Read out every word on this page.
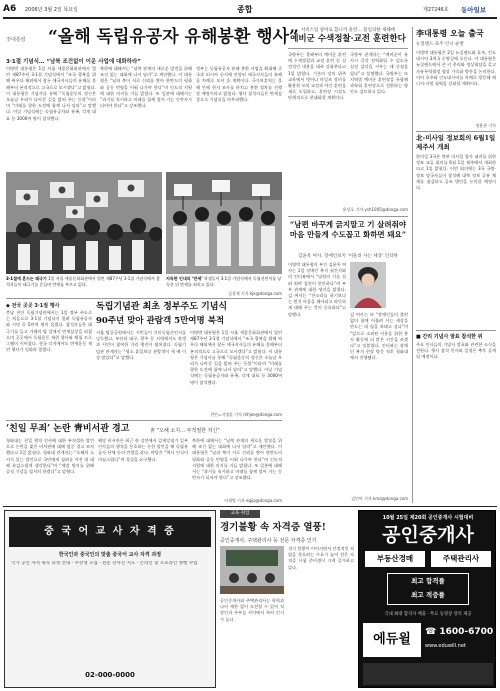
A6 2006년 3월 2일 목요일	종합	제27246호 동아일보
李대통령 “올해 독립유공자 유해봉환 행사”
3·1절 기념식… “남북 조건없이 이운 사업에 대화하라”
이명박 대통령은 1일 서울 세종문화회관에서 열린 제87주년 3·1절 기념식에서 “조국 광복을 위해 싸우다 해외에서 잠든 애국지사들의 유해를 올해부터 본격적으로 고국으로 모시겠다”고 밝혔다. 이 대통령은 기념사를 통해 “독립운동의 정신은 오늘날 우리가 나아갈 길을 밝혀 주는 등불”이라며 “미래를 향한 도전에 함께 나서 달라”고 말했다. 이날 기념식에는 독립유공자와 유족, 각계 대표 등 3000여 명이 참석했다.
북한에 대해서는 “남북 관계의 새로운 발전을 위해 조건 없는 대화에 나서 달라”고 제안했다. 이 대통령은 “남과 북이 서로 신뢰를 쌓아 한반도의 평화와 공동 번영을 이뤄 나가야 한다”며 인도적 지원에 대한 의지를 거듭 밝혔다. 또 일본에 대해서는 “과거를 직시하고 미래를 함께 열어 가는 동반자가 되어야 한다”고 강조했다.
정부는 독립유공자 유해 봉환 사업을 확대해 중국과 러시아 등지에 안장된 애국지사들의 유해를 차례로 모셔 올 계획이다. 국가보훈처는 올해 안에 현지 조사를 마치고 봉환 절차를 진행할 예정이라고 밝혔다. 행사 참석자들은 만세삼창으로 기념식을 마무리했다.
3·1절에 흔드는 태극기 1일 서울 세종문화회관에서 열린 제87주년 3·1절 기념식에서 참석자들이 태극기를 흔들며 만세를 부르고 있다.
지독한 인내의 ‘만세’ 학생들이 3·1절 기념식에서 독립선언서를 낭독한 뒤 만세를 외치고 있다.
김경제 기자 kjk@donga.com
◆ 전국 곳곳 3·1절 행사
충남 천안 독립기념관에서는 1일 정부 주도로는 처음으로 3·1절 기념식이 열려 독립유공자와 시민 등 5만여 명이 몰렸다. 참석자들은 태극기를 들고 겨레의 탑 앞에서 만세삼창을 외쳤으며 곳곳에서 독립운동 재현 행사와 체험 프로그램이 이어졌다. 전국 각지에서도 만세운동 재연 행사가 잇따라 열렸다.
독립기념관 최초 정부주도 기념식
90주년 맞아 관람객 5만여명 북적
서울 탑골공원에서는 시민들이 기미독립선언서를 낭독했고, 부산과 대구, 광주 등 지역에서도 학생과 시민이 참여한 거리 행진이 펼쳐졌다. 독립기념관 관계자는 “평소 휴일보다 관람객이 세 배 이상 많았다”고 말했다.
이명박 대통령은 1일 서울 세종문화회관에서 열린 제87주년 3·1절 기념식에서 “조국 광복을 위해 싸우다 해외에서 잠든 애국지사들의 유해를 올해부터 본격적으로 고국으로 모시겠다”고 밝혔다. 이 대통령은 기념사를 통해 “독립운동의 정신은 오늘날 우리가 나아갈 길을 밝혀 주는 등불”이라며 “미래를 향한 도전에 함께 나서 달라”고 말했다. 이날 기념식에는 독립유공자와 유족, 각계 대표 등 3000여 명이 참석했다.
천안=지명훈 기자 mhjee@donga.com
‘친일 무죄’ 논란 靑비서관 경고	靑 “오해 소지… 부적절한 처신”
청와대는 친일 행적 인사에 대한 부적절한 발언으로 논란을 빚은 비서관에 대해 엄중 경고 조치했다고 1일 밝혔다. 청와대 관계자는 “오해의 소지가 있는 발언으로 국민에게 심려를 끼친 데 대해 유감스럽게 생각한다”며 “재발 방지를 위해 공직 기강을 철저히 하겠다”고 말했다.
해당 비서관은 최근 한 강연에서 일제강점기 일부 인사들의 행적을 옹호하는 듯한 발언을 해 독립유공자 단체 등의 반발을 샀다. 야당은 “역사 인식이 의심스럽다”며 경질을 요구했다.
북한에 대해서는 “남북 관계의 새로운 발전을 위해 조건 없는 대화에 나서 달라”고 제안했다. 이 대통령은 “남과 북이 서로 신뢰를 쌓아 한반도의 평화와 공동 번영을 이뤄 나가야 한다”며 인도적 지원에 대한 의지를 거듭 밝혔다. 또 일본에 대해서는 “과거를 직시하고 미래를 함께 열어 가는 동반자가 되어야 한다”고 강조했다.
이재명 기자 egija@donga.com
서비스업 참여로 합니까 훈련… 불임의한 새해에
예비군 수색정찰·교전 훈련한다
국방부는 올해부터 예비군 훈련에 수색정찰과 교전 훈련 등 실전적인 내용을 대폭 강화한다고 1일 밝혔다. 기존의 강의 위주 교육에서 벗어나 마일즈 장비를 활용한 모의 교전과 야간 훈련을 새로 도입하고, 훈련장 시설도 단계적으로 현대화할 계획이다.
국방부 관계자는 “예비군이 유사시 즉각 전력화될 수 있도록 실전 감각을 키우는 데 중점을 뒀다”고 설명했다. 국방부는 또 지역별 예비군 훈련장을 통합해 과학화 훈련장으로 전환하는 방안도 검토하고 있다.
윤상호 기자 ysh1005@donga.com
“남편 바꾸게 긁지말고 기 살려줘야 마음 만들게 수도꼽고 화하면 돼요”
김윤옥 여사, 장애인보지 ‘어울려 사는 세상’ 인터뷰
이명박 대통령의 부인 김윤옥 여사는 1일 장애인 복지 월간지와의 인터뷰에서 “남편의 기를 살려 줘야 집안이 편안하다”며 부부 관계에 대한 생각을 밝혔다. 김 여사는 “잔소리를 하기보다는 먼저 마음을 헤아리고 따뜻하게 대해 주는 것이 중요하다”고 말했다.	김 여사는 또 “장애인들이 불편 없이 함께 어울려 사는 세상을 만드는 데 힘을 보태고 싶다”며 “앞으로 소외된 이웃을 위한 봉사 활동에 더 많은 시간을 쓰겠다”고 덧붙였다. 인터뷰는 장애인 복지 현장 방문 직후 청와대에서 진행됐다.
김민아 기자 kma@donga.com
李대통령 오늘 출국
뉴질랜드·호주·인니 순방
이명박 대통령은 2일 뉴질랜드와 호주, 인도네시아 3개국 순방길에 오른다. 이 대통령은 뉴질랜드에서 존 키 총리와 정상회담을 갖고 자유무역협정 협상 가속화 방안을 논의한다. 이어 호주와 인도네시아를 차례로 방문해 에너지·자원 협력을 강화할 계획이다.
정용관 기자
北-미사일 정보회의 6월1일 제주서 개최
한미일 3국은 북한 미사일 발사 대비를 위한 정보 교류 회의를 6월 1일 제주에서 개최한다고 1일 밝혔다. 이번 회의에는 3국 국방·정보 당국자들이 참석해 대북 정보 공유 체계를 점검하고 공조 방안을 논의할 예정이다.
■ 간리 기념사 발표 참석한 위
주요 인사들의 기념사 발표와 관련한 소식을 전한다. 행사 참석 인사와 일정은 추후 공개될 예정이다.
중 국 어 교 사 자 격 증
한국인과 중국인의 맞춤 중국어 교사 자격 과정
국가 공인 자격 취득 과정 안내 · 수강생 모집 · 전문 강사진 지도 · 온라인 및 오프라인 병행 수업
02-000-0000
교육·취업
경기불황 속 자격증 열풍!
공인중개사, 주택관리사 등 전문 자격증 인기
경기 불황이 이어지면서 안정적인 직업을 찾으려는 수요가 늘어 전문 자격증 시험 준비생이 크게 증가하고 있다.
공인중개사와 주택관리사는 학력과 나이 제한 없이 도전할 수 있어 직장인과 주부들 사이에서 특히 인기가 높다.
10월 25일 제20회 공인중개사 시험대비
공인중개사
부동산경매	주택관리사
최고 합격률
최고 적중률
국내 최대 합격자 배출 · 무료 동영상 강의 제공
에듀윌	☎ 1600-6700
www.eduwill.net
